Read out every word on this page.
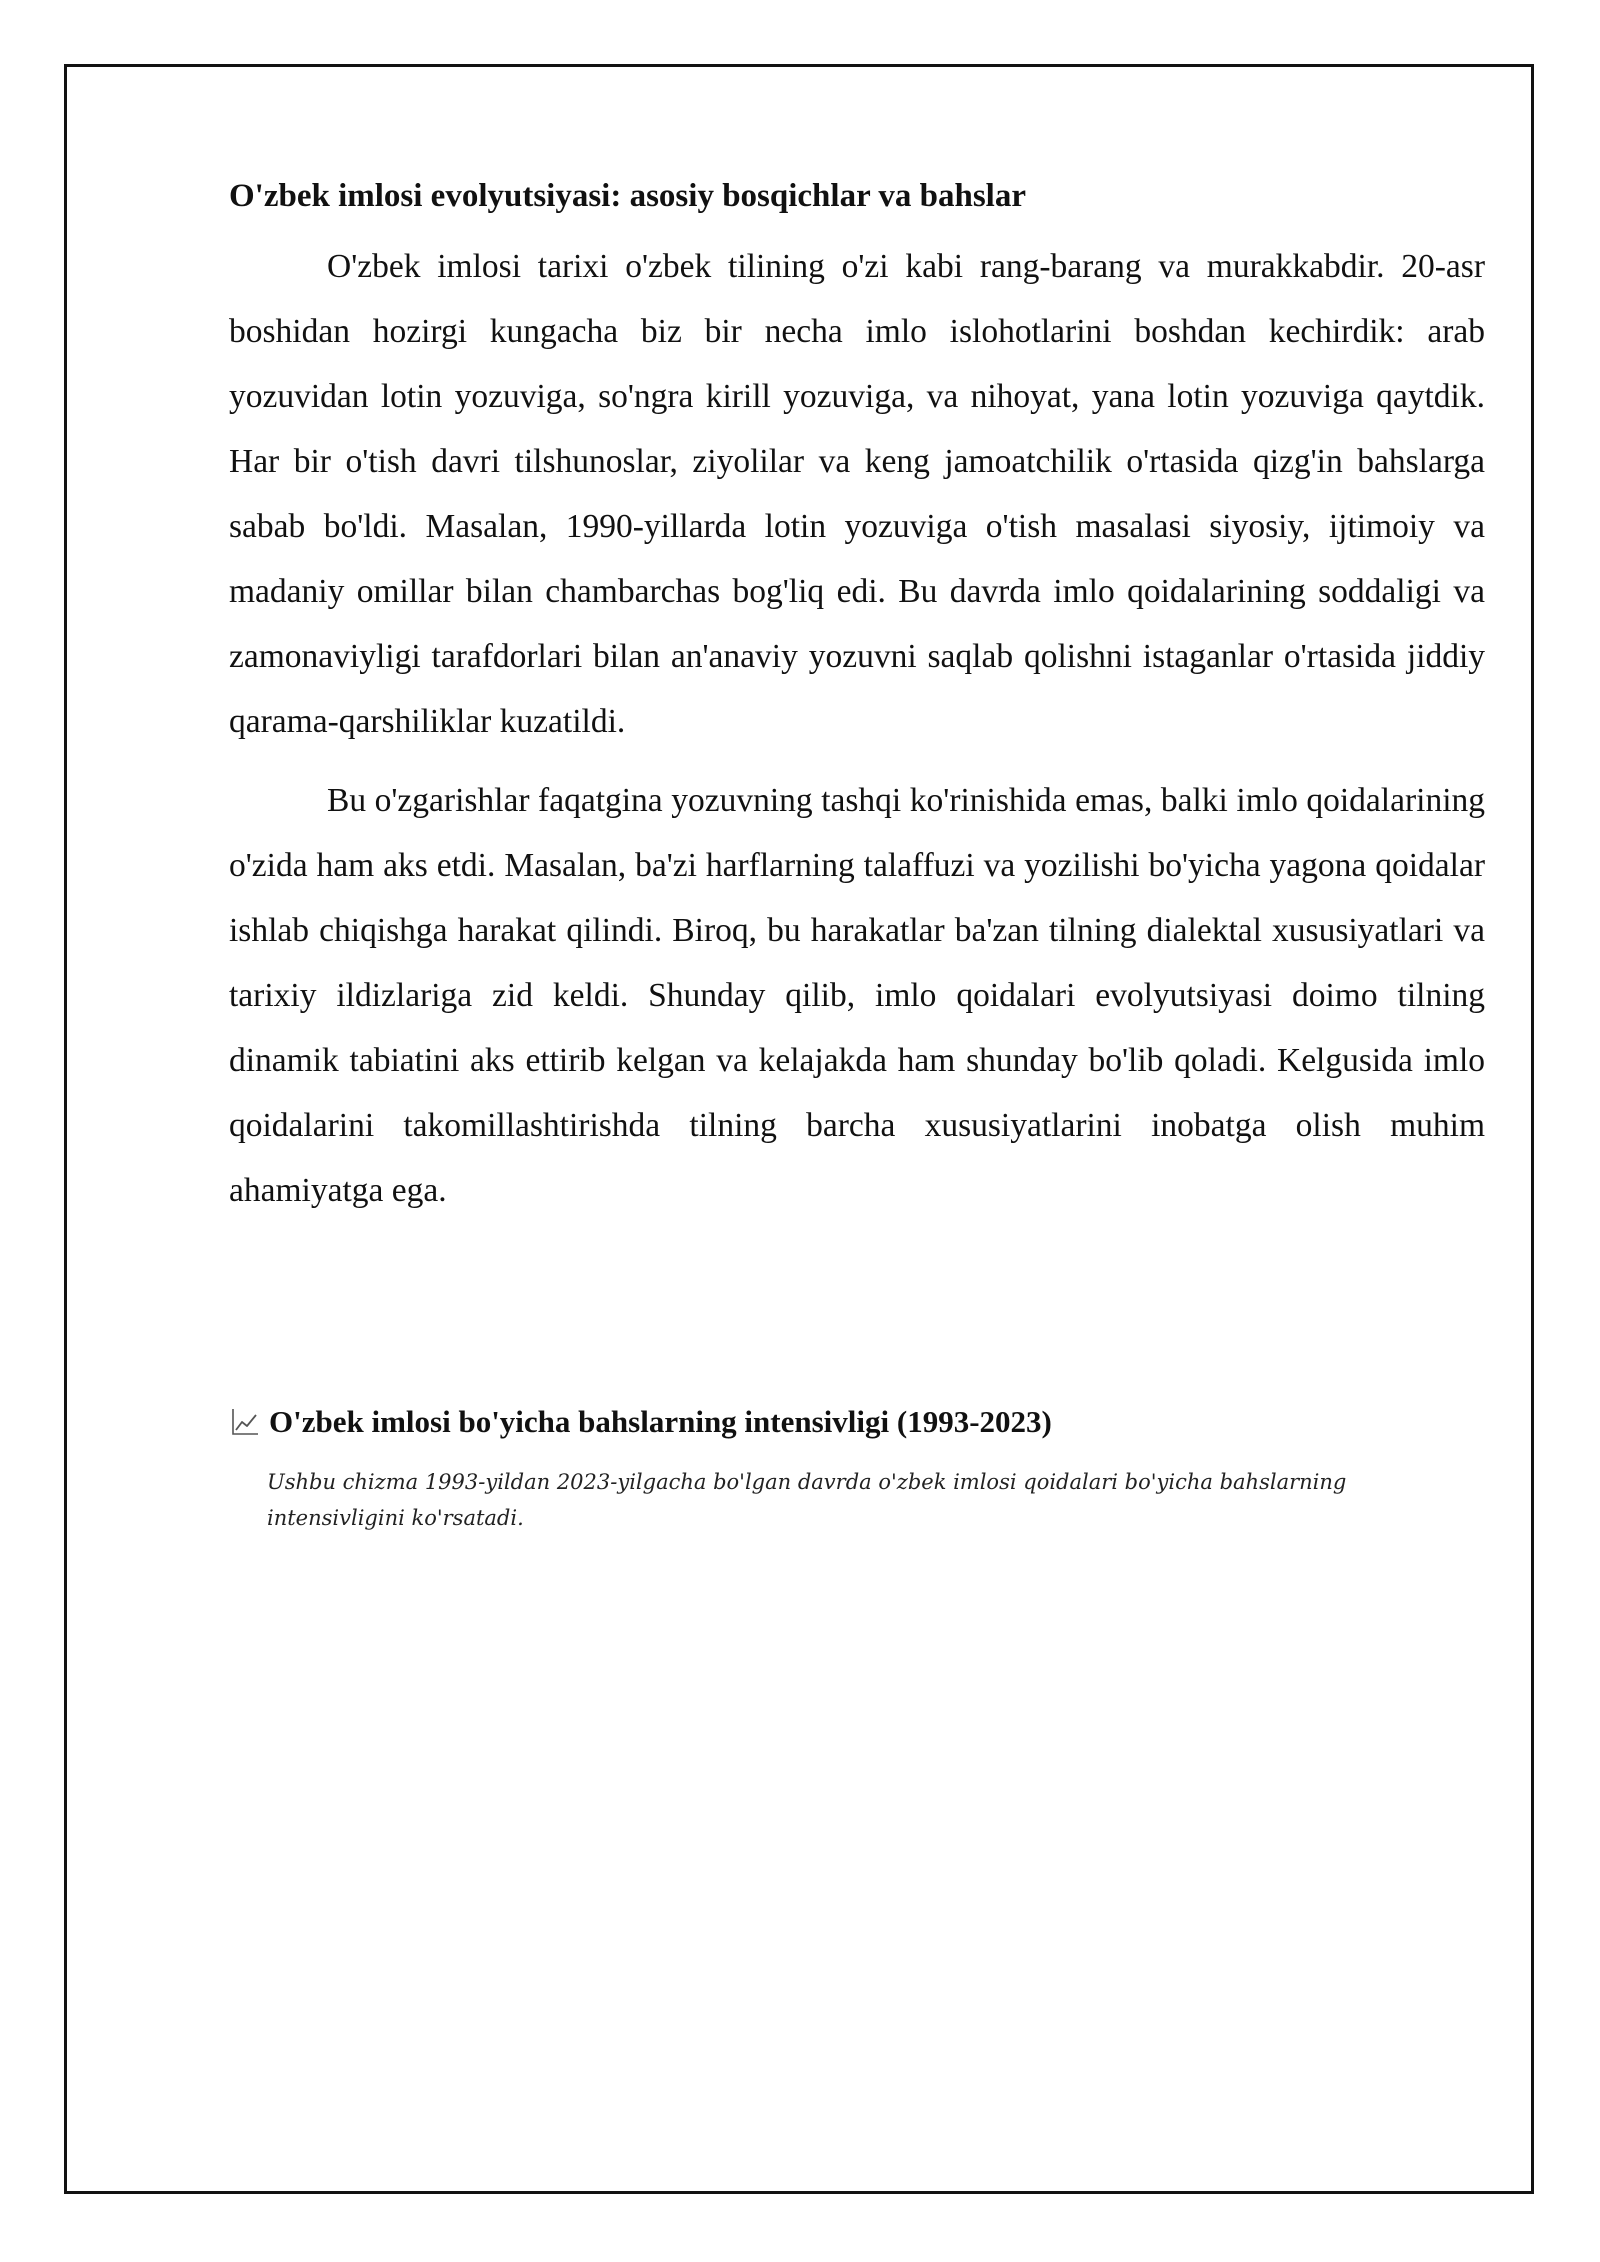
O'zbek imlosi evolyutsiyasi: asosiy bosqichlar va bahslar

O'zbek imlosi tarixi o'zbek tilining o'zi kabi rang-barang va murakkabdir. 20-asr boshidan hozirgi kungacha biz bir necha imlo islohotlarini boshdan kechirdik: arab yozuvidan lotin yozuviga, so'ngra kirill yozuviga, va nihoyat, yana lotin yozuviga qaytdik. Har bir o'tish davri tilshunoslar, ziyolilar va keng jamoatchilik o'rtasida qizg'in bahslarga sabab bo'ldi. Masalan, 1990-yillarda lotin yozuviga o'tish masalasi siyosiy, ijtimoiy va madaniy omillar bilan chambarchas bog'liq edi. Bu davrda imlo qoidalarining soddaligi va zamonaviyligi tarafdorlari bilan an'anaviy yozuvni saqlab qolishni istaganlar o'rtasida jiddiy qarama-qarshiliklar kuzatildi.

Bu o'zgarishlar faqatgina yozuvning tashqi ko'rinishida emas, balki imlo qoidalarining o'zida ham aks etdi. Masalan, ba'zi harflarning talaffuzi va yozilishi bo'yicha yagona qoidalar ishlab chiqishga harakat qilindi. Biroq, bu harakatlar ba'zan tilning dialektal xususiyatlari va tarixiy ildizlariga zid keldi. Shunday qilib, imlo qoidalari evolyutsiyasi doimo tilning dinamik tabiatini aks ettirib kelgan va kelajakda ham shunday bo'lib qoladi. Kelgusida imlo qoidalarini takomillashtirishda tilning barcha xususiyatlarini inobatga olish muhim ahamiyatga ega.

O'zbek imlosi bo'yicha bahslarning intensivligi (1993-2023)
Ushbu chizma 1993-yildan 2023-yilgacha bo'lgan davrda o'zbek imlosi qoidalari bo'yicha bahslarning intensivligini ko'rsatadi.
